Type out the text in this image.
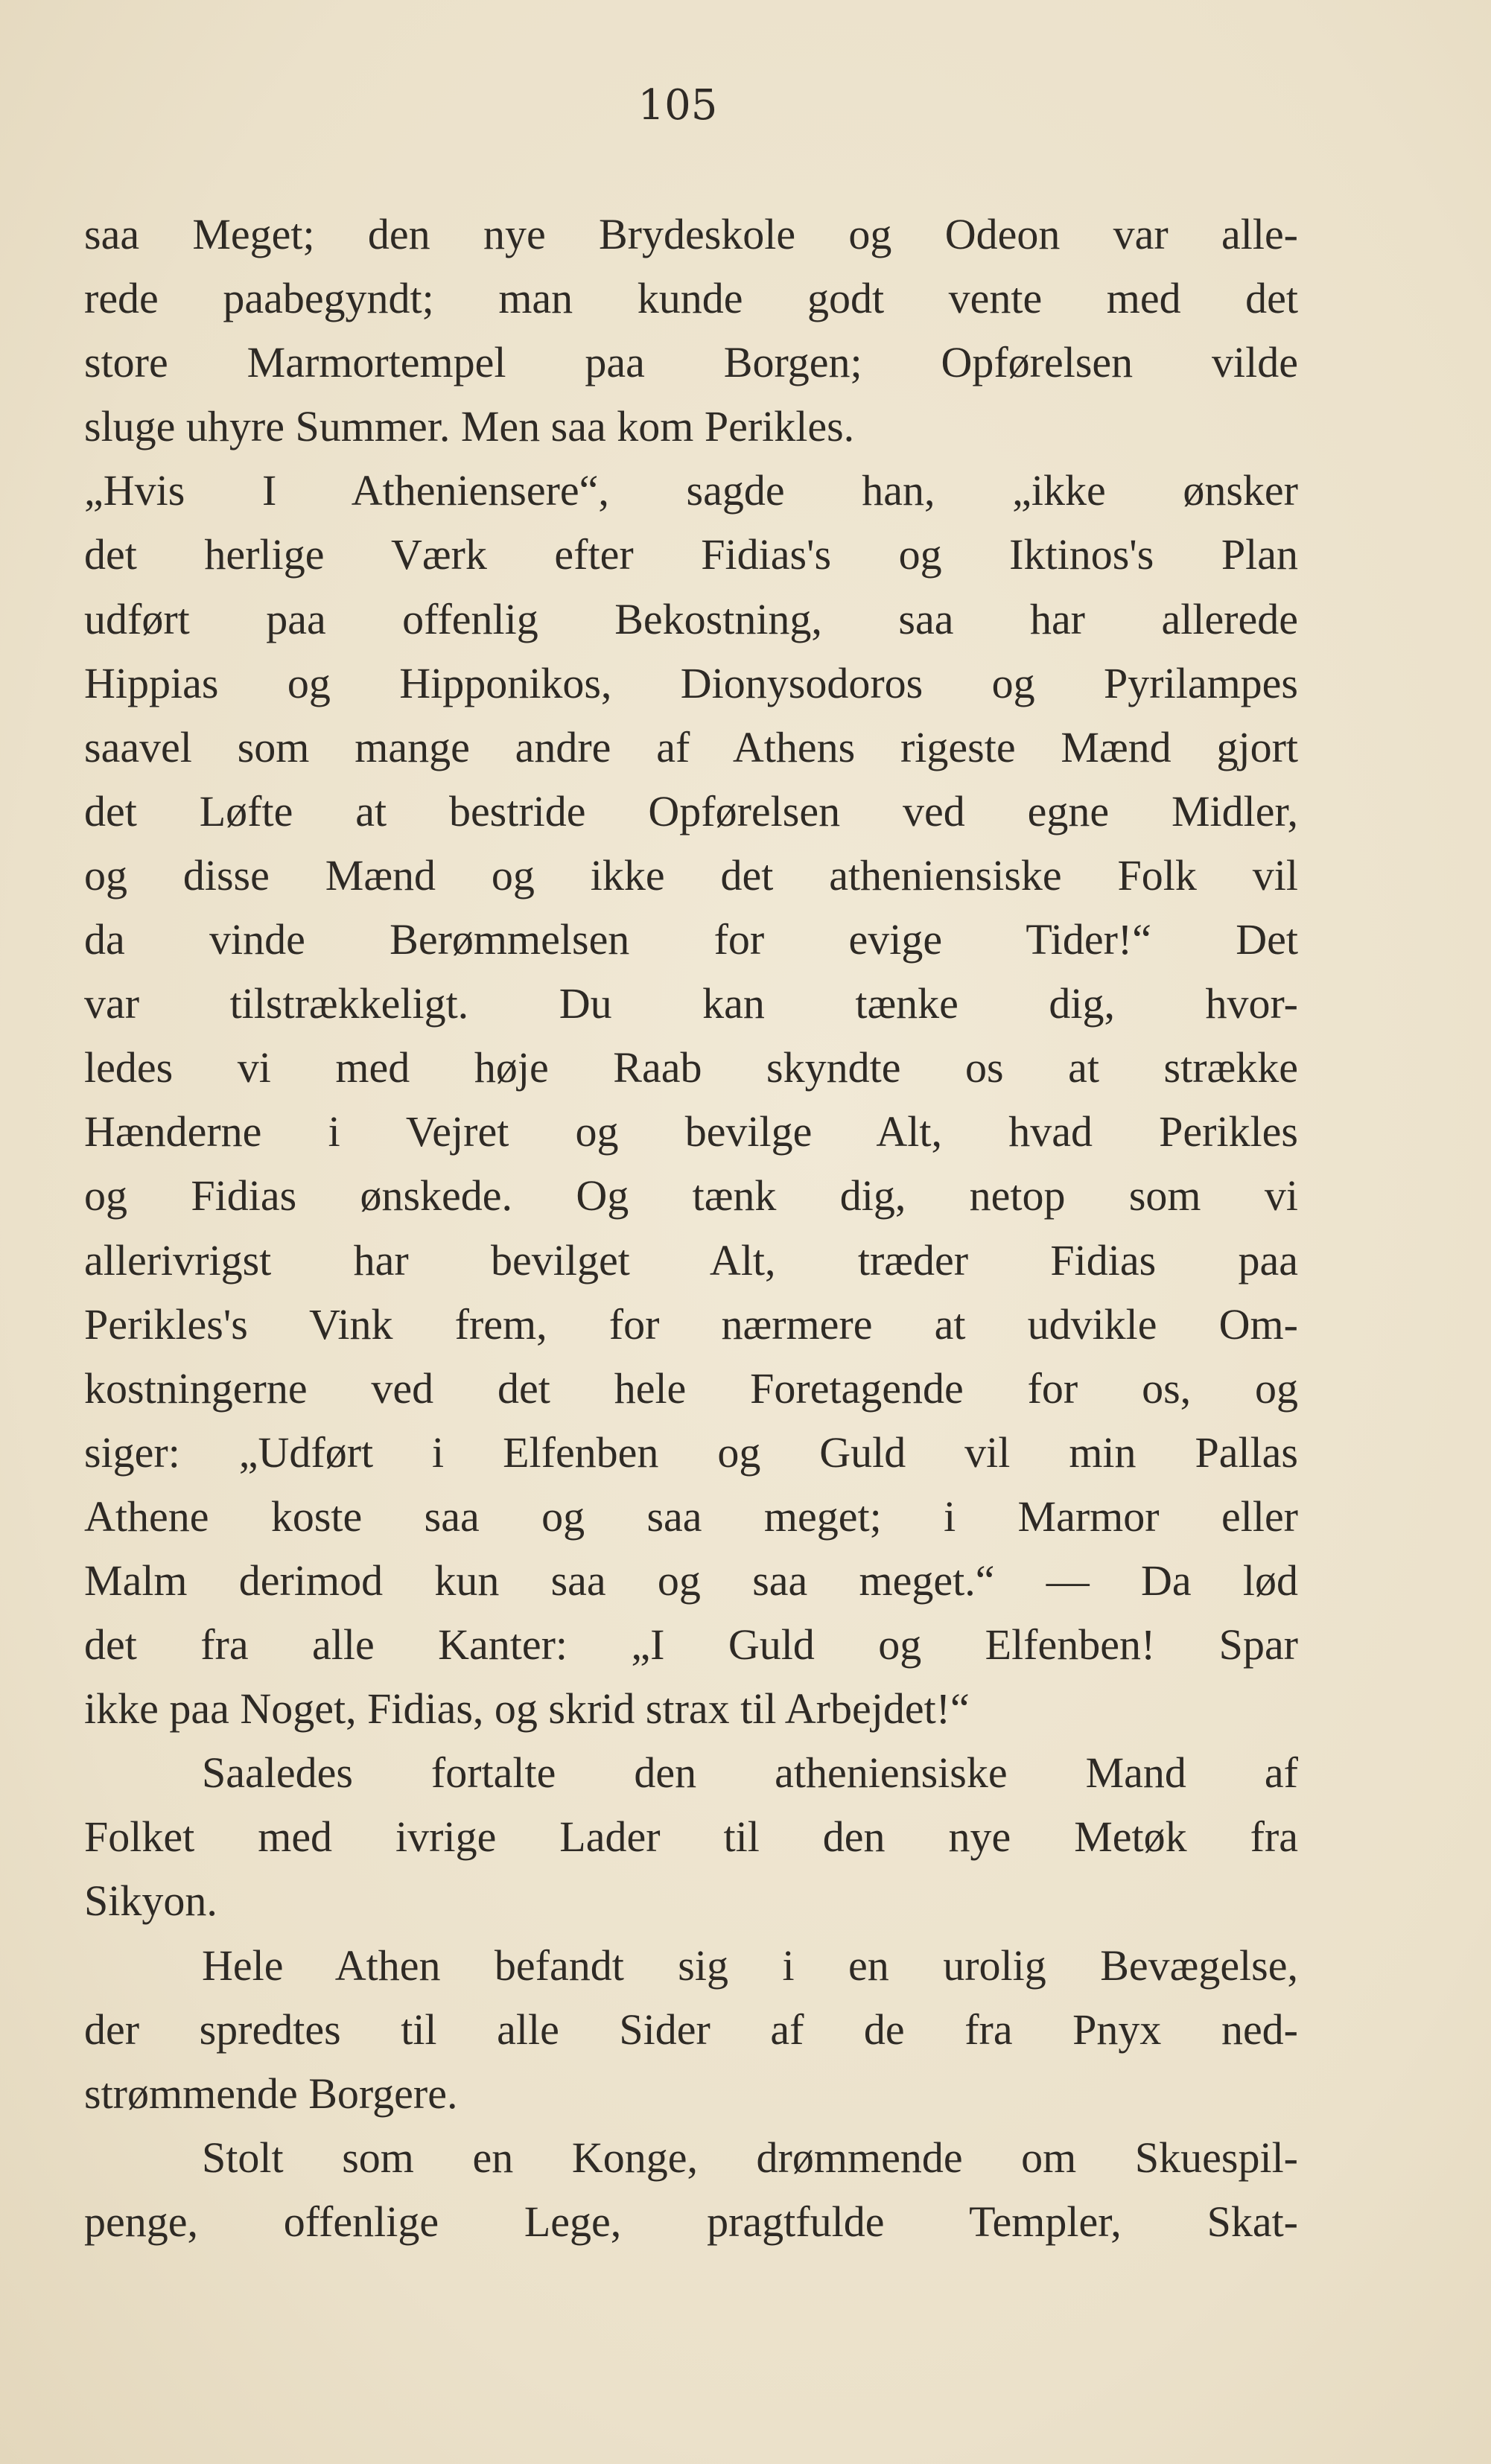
105
saa Meget; den nye Brydeskole og Odeon var alle-
rede paabegyndt; man kunde godt vente med det
store Marmortempel paa Borgen; Opførelsen vilde
sluge uhyre Summer. Men saa kom Perikles.
„Hvis I Atheniensere“, sagde han, „ikke ønsker
det herlige Værk efter Fidias's og Iktinos's Plan
udført paa offenlig Bekostning, saa har allerede
Hippias og Hipponikos, Dionysodoros og Pyrilampes
saavel som mange andre af Athens rigeste Mænd gjort
det Løfte at bestride Opførelsen ved egne Midler,
og disse Mænd og ikke det atheniensiske Folk vil
da vinde Berømmelsen for evige Tider!“ Det
var tilstrækkeligt. Du kan tænke dig, hvor-
ledes vi med høje Raab skyndte os at strække
Hænderne i Vejret og bevilge Alt, hvad Perikles
og Fidias ønskede. Og tænk dig, netop som vi
allerivrigst har bevilget Alt, træder Fidias paa
Perikles's Vink frem, for nærmere at udvikle Om-
kostningerne ved det hele Foretagende for os, og
siger: „Udført i Elfenben og Guld vil min Pallas
Athene koste saa og saa meget; i Marmor eller
Malm derimod kun saa og saa meget.“ — Da lød
det fra alle Kanter: „I Guld og Elfenben! Spar
ikke paa Noget, Fidias, og skrid strax til Arbejdet!“
Saaledes fortalte den atheniensiske Mand af
Folket med ivrige Lader til den nye Metøk fra
Sikyon.
Hele Athen befandt sig i en urolig Bevægelse,
der spredtes til alle Sider af de fra Pnyx ned-
strømmende Borgere.
Stolt som en Konge, drømmende om Skuespil-
penge, offenlige Lege, pragtfulde Templer, Skat-
